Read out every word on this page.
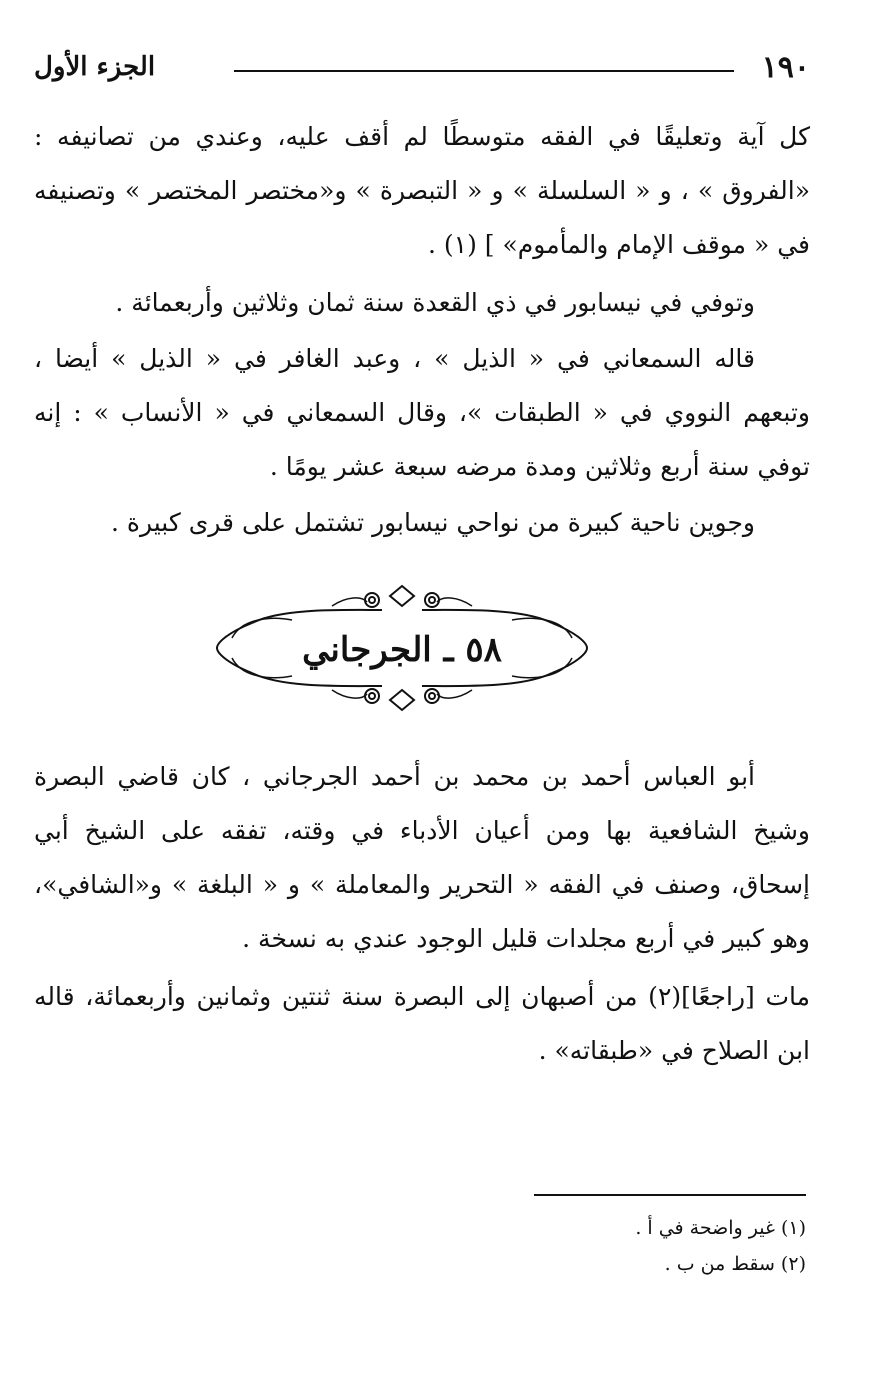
١٩٠
الجزء الأول

كل آية وتعليقًا في الفقه متوسطًا لم أقف عليه، وعندي من تصانيفه : «الفروق » ، و « السلسلة » و « التبصرة » و«مختصر المختصر » وتصنيفه في « موقف الإمام والمأموم» ] (١) .

وتوفي في نيسابور في ذي القعدة سنة ثمان وثلاثين وأربعمائة .

قاله السمعاني في « الذيل » ، وعبد الغافر في « الذيل » أيضا ، وتبعهم النووي في « الطبقات »، وقال السمعاني في « الأنساب » : إنه توفي سنة أربع وثلاثين ومدة مرضه سبعة عشر يومًا .

وجوين ناحية كبيرة من نواحي نيسابور تشتمل على قرى كبيرة .

٥٨ ـ الجرجاني

أبو العباس أحمد بن محمد بن أحمد الجرجاني ، كان قاضي البصرة وشيخ الشافعية بها ومن أعيان الأدباء في وقته، تفقه على الشيخ أبي إسحاق، وصنف في الفقه « التحرير والمعاملة » و « البلغة » و«الشافي»، وهو كبير في أربع مجلدات قليل الوجود عندي به نسخة .

مات [راجعًا](٢) من أصبهان إلى البصرة سنة ثنتين وثمانين وأربعمائة، قاله ابن الصلاح في «طبقاته» .

(١) غير واضحة في أ .

(٢) سقط من ب .
